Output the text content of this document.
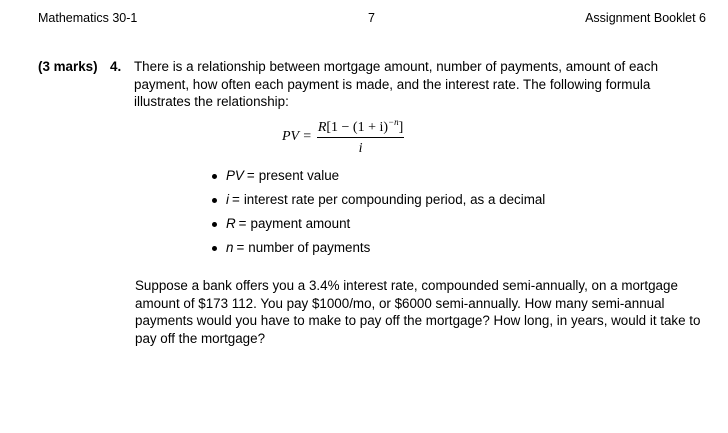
Mathematics 30-1	7	Assignment Booklet 6
(3 marks) 4. There is a relationship between mortgage amount, number of payments, amount of each payment, how often each payment is made, and the interest rate. The following formula illustrates the relationship:
PV = $\frac{R[1 - (1 + i)^{-n}]}{i}$
PV = present value
i = interest rate per compounding period, as a decimal
R = payment amount
n = number of payments
Suppose a bank offers you a 3.4% interest rate, compounded semi-annually, on a mortgage amount of $173 112. You pay $1000/mo, or $6000 semi-annually. How many semi-annual payments would you have to make to pay off the mortgage? How long, in years, would it take to pay off the mortgage?
